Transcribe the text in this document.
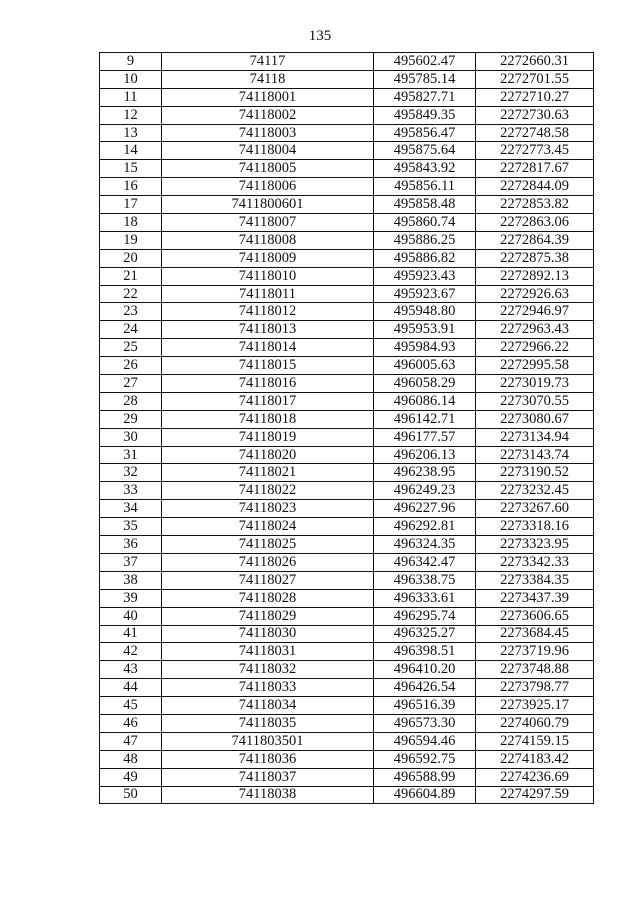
135
9	74117	495602.47	2272660.31
10	74118	495785.14	2272701.55
11	74118001	495827.71	2272710.27
12	74118002	495849.35	2272730.63
13	74118003	495856.47	2272748.58
14	74118004	495875.64	2272773.45
15	74118005	495843.92	2272817.67
16	74118006	495856.11	2272844.09
17	7411800601	495858.48	2272853.82
18	74118007	495860.74	2272863.06
19	74118008	495886.25	2272864.39
20	74118009	495886.82	2272875.38
21	74118010	495923.43	2272892.13
22	74118011	495923.67	2272926.63
23	74118012	495948.80	2272946.97
24	74118013	495953.91	2272963.43
25	74118014	495984.93	2272966.22
26	74118015	496005.63	2272995.58
27	74118016	496058.29	2273019.73
28	74118017	496086.14	2273070.55
29	74118018	496142.71	2273080.67
30	74118019	496177.57	2273134.94
31	74118020	496206.13	2273143.74
32	74118021	496238.95	2273190.52
33	74118022	496249.23	2273232.45
34	74118023	496227.96	2273267.60
35	74118024	496292.81	2273318.16
36	74118025	496324.35	2273323.95
37	74118026	496342.47	2273342.33
38	74118027	496338.75	2273384.35
39	74118028	496333.61	2273437.39
40	74118029	496295.74	2273606.65
41	74118030	496325.27	2273684.45
42	74118031	496398.51	2273719.96
43	74118032	496410.20	2273748.88
44	74118033	496426.54	2273798.77
45	74118034	496516.39	2273925.17
46	74118035	496573.30	2274060.79
47	7411803501	496594.46	2274159.15
48	74118036	496592.75	2274183.42
49	74118037	496588.99	2274236.69
50	74118038	496604.89	2274297.59
